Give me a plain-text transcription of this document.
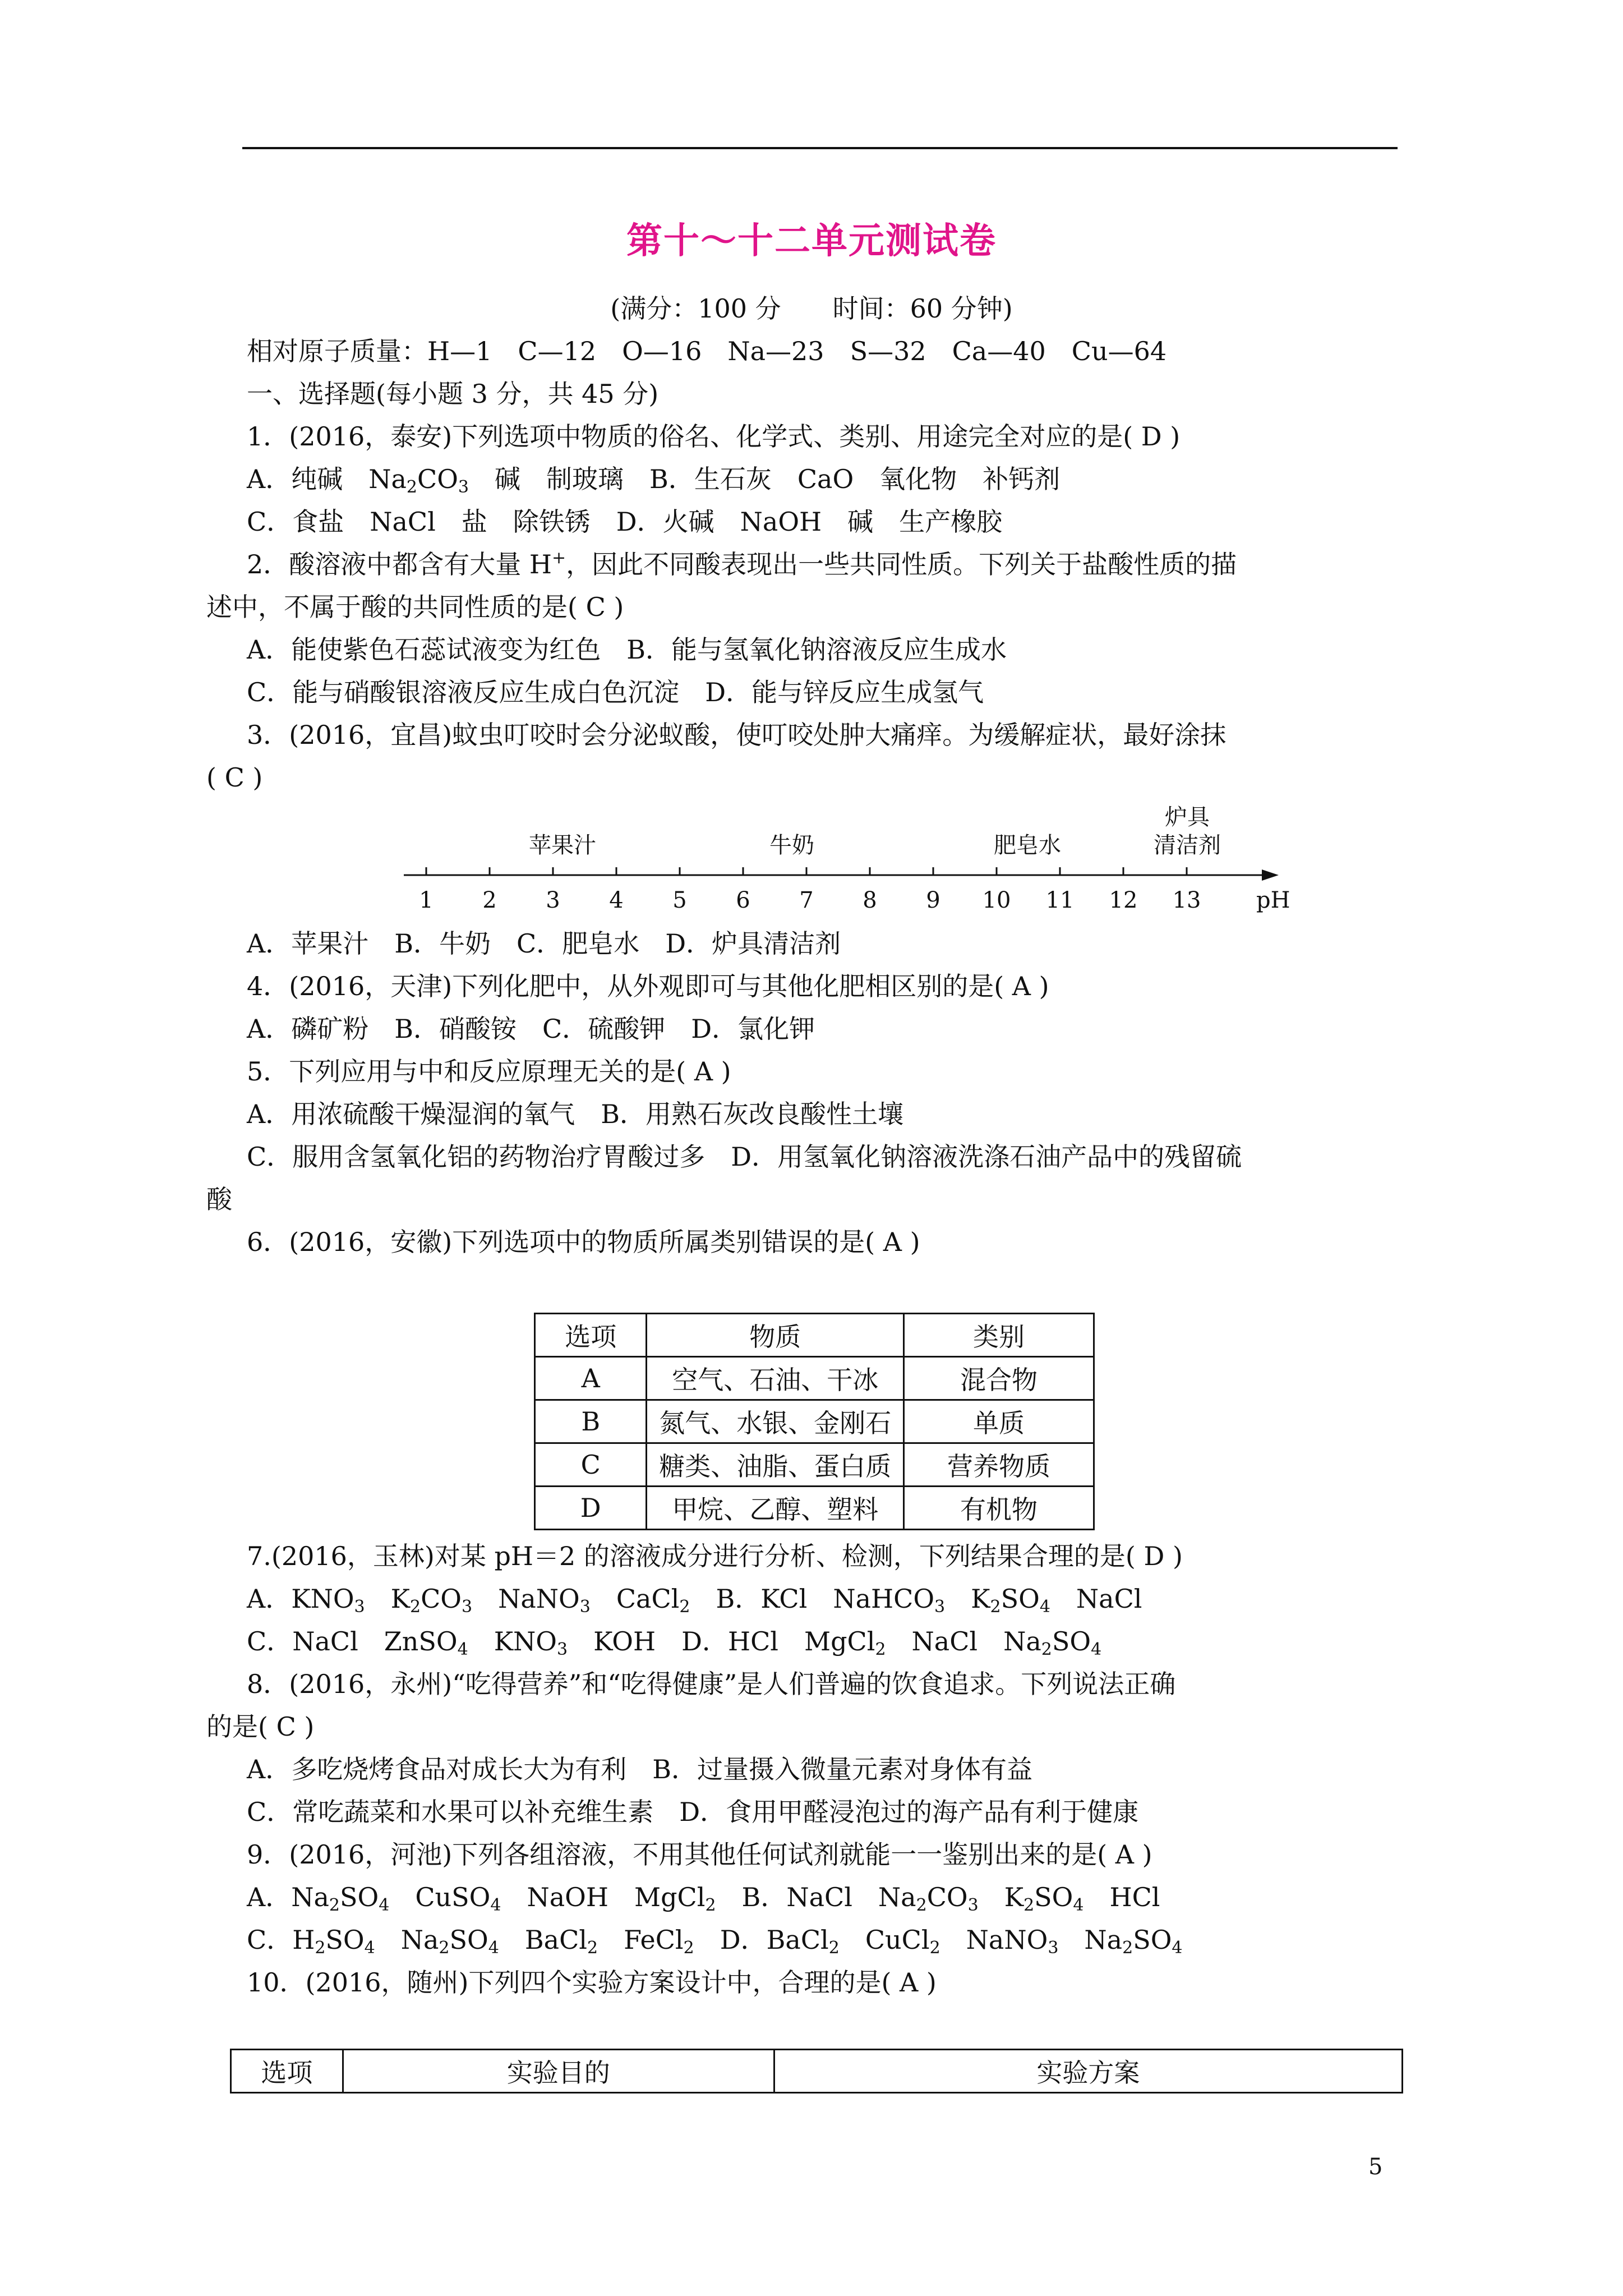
第十～十二单元测试卷
(满分：100 分　　时间：60 分钟)
相对原子质量：H—1　C—12　O—16　Na—23　S—32　Ca—40　Cu—64
一、选择题(每小题 3 分，共 45 分)
1．(2016，泰安)下列选项中物质的俗名、化学式、类别、用途完全对应的是( D )
A．纯碱　$Na_2CO_3$　碱　制玻璃　B．生石灰　CaO　氧化物　补钙剂
C．食盐　NaCl　盐　除铁锈　D．火碱　NaOH　碱　生产橡胶
2．酸溶液中都含有大量 H+，因此不同酸表现出一些共同性质。下列关于盐酸性质的描
述中，不属于酸的共同性质的是( C )
A．能使紫色石蕊试液变为红色　B．能与氢氧化钠溶液反应生成水
C．能与硝酸银溶液反应生成白色沉淀　D．能与锌反应生成氢气
3．(2016，宜昌)蚊虫叮咬时会分泌蚁酸，使叮咬处肿大痛痒。为缓解症状，最好涂抹
( C )
苹果汁	牛奶	肥皂水
炉具
清洁剂
1 2 3 4 5 6 7 8 9 10 11 12 13 pH
A．苹果汁　B．牛奶　C．肥皂水　D．炉具清洁剂
4．(2016，天津)下列化肥中，从外观即可与其他化肥相区别的是( A )
A．磷矿粉　B．硝酸铵　C．硫酸钾　D．氯化钾
5．下列应用与中和反应原理无关的是( A )
A．用浓硫酸干燥湿润的氧气　B．用熟石灰改良酸性土壤
C．服用含氢氧化铝的药物治疗胃酸过多　D．用氢氧化钠溶液洗涤石油产品中的残留硫
酸
6．(2016，安徽)下列选项中的物质所属类别错误的是( A )
选项	物质	类别
A	空气、石油、干冰	混合物
B	氮气、水银、金刚石	单质
C	糖类、油脂、蛋白质	营养物质
D	甲烷、乙醇、塑料	有机物
7.(2016，玉林)对某 pH＝2 的溶液成分进行分析、检测，下列结果合理的是( D )
A．$KNO_3$　$K_2CO_3$　NaNO$_3$　CaCl$_2$　B．KCl　NaHCO$_3$　$K_2SO_4$　NaCl
C．NaCl　ZnSO$_4$　$KNO_3$　KOH　D．HCl　MgCl$_2$　NaCl　$Na_2SO_4$
8．(2016，永州)“吃得营养”和“吃得健康”是人们普遍的饮食追求。下列说法正确
的是( C )
A．多吃烧烤食品对成长大为有利　B．过量摄入微量元素对身体有益
C．常吃蔬菜和水果可以补充维生素　D．食用甲醛浸泡过的海产品有利于健康
9．(2016，河池)下列各组溶液，不用其他任何试剂就能一一鉴别出来的是( A )
A．$Na_2SO_4$　CuSO$_4$　NaOH　MgCl$_2$　B．NaCl　$Na_2CO_3$　$K_2SO_4$　HCl
C．$H_2SO_4$　$Na_2SO_4$　BaCl$_2$　FeCl$_2$　D．BaCl$_2$　CuCl$_2$　NaNO$_3$　$Na_2SO_4$
10．(2016，随州)下列四个实验方案设计中，合理的是( A )
选项	实验目的	实验方案
5
